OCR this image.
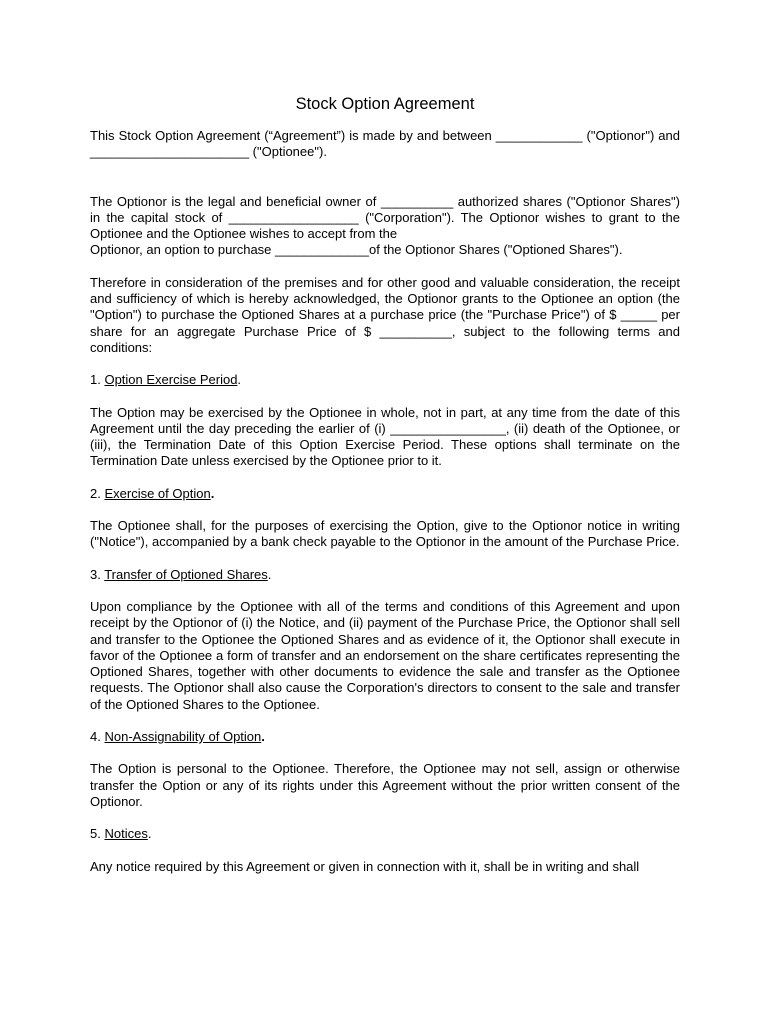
Stock Option Agreement

This Stock Option Agreement (“Agreement”) is made by and between ____________ ("Optionor") and ______________________ ("Optionee").

The Optionor is the legal and beneficial owner of __________ authorized shares ("Optionor Shares") in the capital stock of __________________ ("Corporation"). The Optionor wishes to grant to the Optionee and the Optionee wishes to accept from the

Optionor, an option to purchase _____________of the Optionor Shares ("Optioned Shares").

Therefore in consideration of the premises and for other good and valuable consideration, the receipt and sufficiency of which is hereby acknowledged, the Optionor grants to the Optionee an option (the "Option") to purchase the Optioned Shares at a purchase price (the "Purchase Price") of $ _____ per share for an aggregate Purchase Price of $ __________, subject to the following terms and conditions:

1. Option Exercise Period.

The Option may be exercised by the Optionee in whole, not in part, at any time from the date of this Agreement until the day preceding the earlier of (i) ________________, (ii) death of the Optionee, or (iii), the Termination Date of this Option Exercise Period. These options shall terminate on the Termination Date unless exercised by the Optionee prior to it.

2. Exercise of Option.

The Optionee shall, for the purposes of exercising the Option, give to the Optionor notice in writing ("Notice"), accompanied by a bank check payable to the Optionor in the amount of the Purchase Price.

3. Transfer of Optioned Shares.

Upon compliance by the Optionee with all of the terms and conditions of this Agreement and upon receipt by the Optionor of (i) the Notice, and (ii) payment of the Purchase Price, the Optionor shall sell and transfer to the Optionee the Optioned Shares and as evidence of it, the Optionor shall execute in favor of the Optionee a form of transfer and an endorsement on the share certificates representing the Optioned Shares, together with other documents to evidence the sale and transfer as the Optionee requests. The Optionor shall also cause the Corporation's directors to consent to the sale and transfer of the Optioned Shares to the Optionee.

4. Non-Assignability of Option.

The Option is personal to the Optionee. Therefore, the Optionee may not sell, assign or otherwise transfer the Option or any of its rights under this Agreement without the prior written consent of the Optionor.

5. Notices.

Any notice required by this Agreement or given in connection with it, shall be in writing and shall
